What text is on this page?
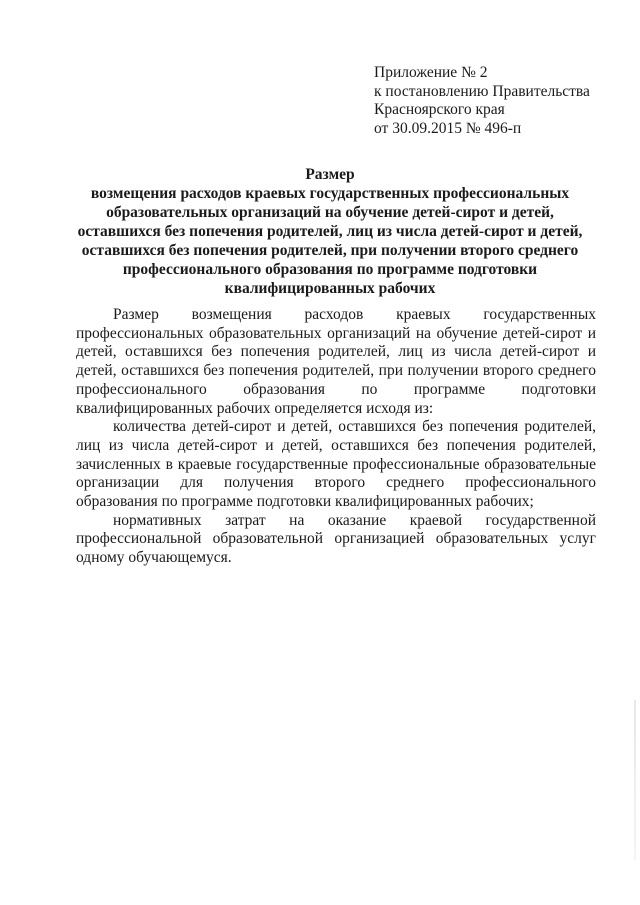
Приложение № 2
к постановлению Правительства
Красноярского края
от 30.09.2015 № 496-п
Размер
возмещения расходов краевых государственных профессиональных
образовательных организаций на обучение детей-сирот и детей,
оставшихся без попечения родителей, лиц из числа детей-сирот и детей,
оставшихся без попечения родителей, при получении второго среднего
профессионального образования по программе подготовки
квалифицированных рабочих

Размер возмещения расходов краевых государственных профессиональных образовательных организаций на обучение детей-сирот и детей, оставшихся без попечения родителей, лиц из числа детей-сирот и детей, оставшихся без попечения родителей, при получении второго среднего профессионального образования по программе подготовки квалифицированных рабочих определяется исходя из:

количества детей-сирот и детей, оставшихся без попечения родителей, лиц из числа детей-сирот и детей, оставшихся без попечения родителей, зачисленных в краевые государственные профессиональные образовательные организации для получения второго среднего профессионального образования по программе подготовки квалифицированных рабочих;

нормативных затрат на оказание краевой государственной профессиональной образовательной организацией образовательных услуг одному обучающемуся.
